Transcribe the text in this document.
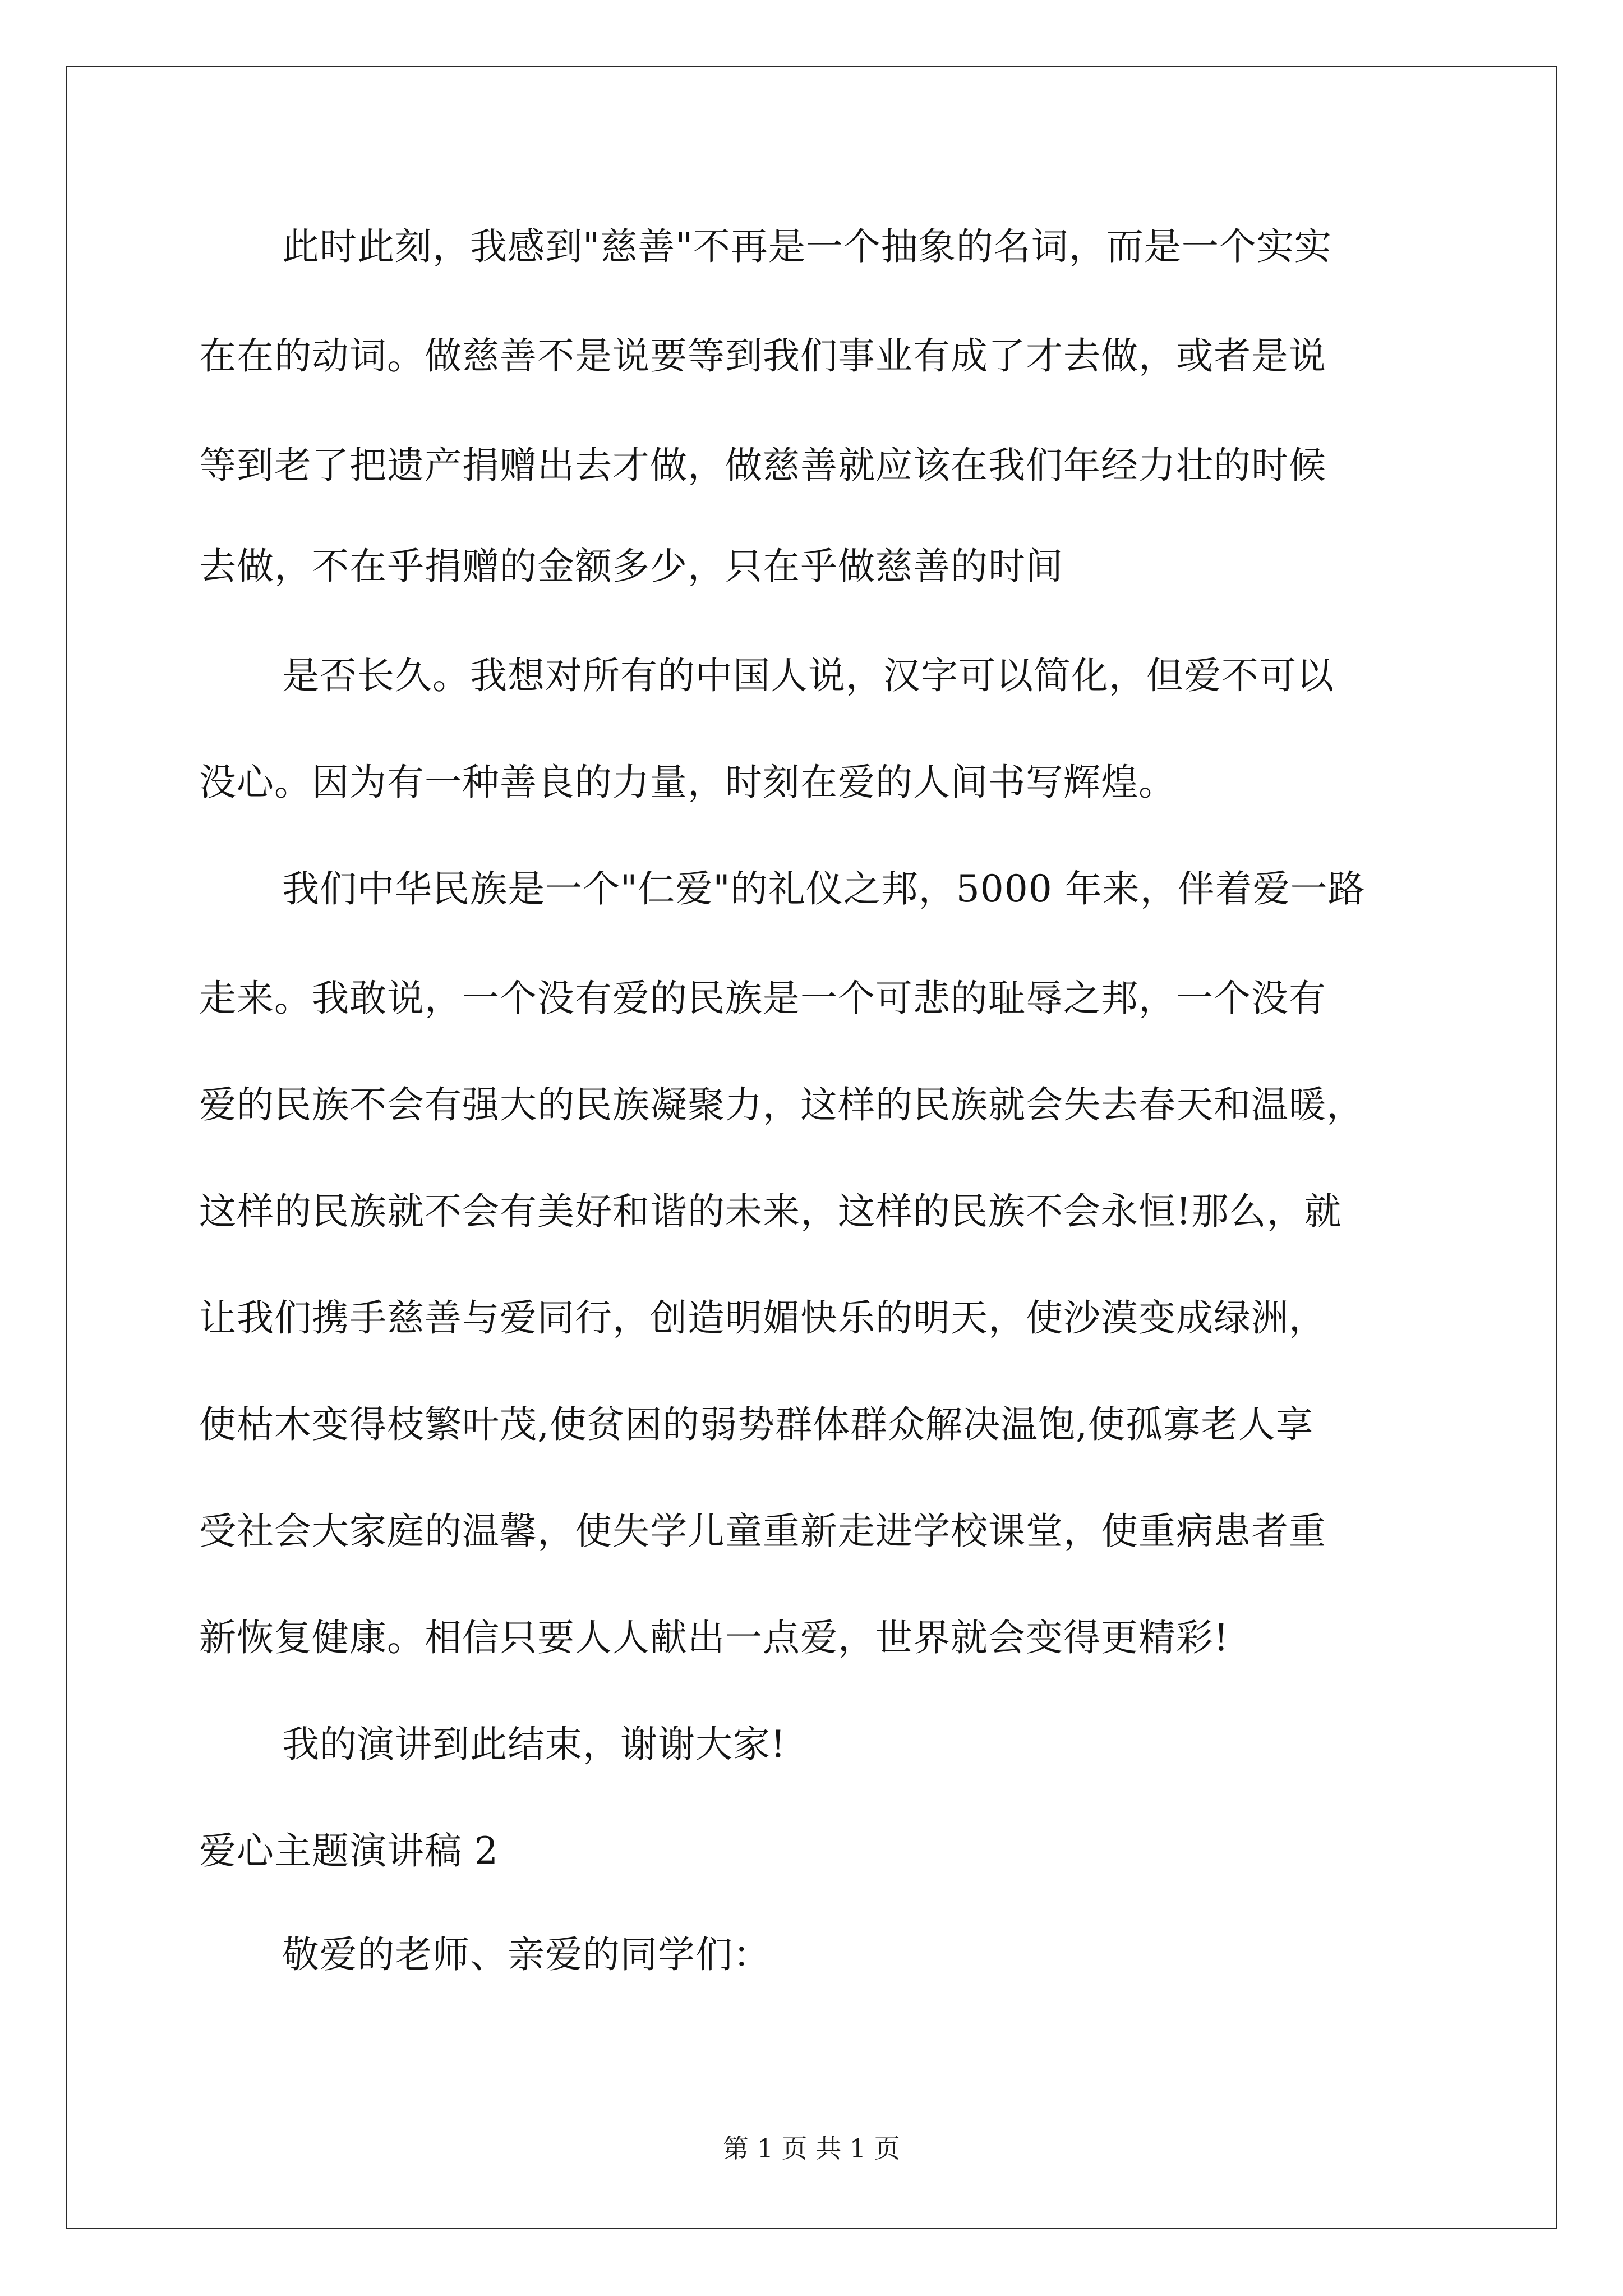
此时此刻，我感到"慈善"不再是一个抽象的名词，而是一个实实
在在的动词。做慈善不是说要等到我们事业有成了才去做，或者是说
等到老了把遗产捐赠出去才做，做慈善就应该在我们年经力壮的时候
去做，不在乎捐赠的金额多少，只在乎做慈善的时间
是否长久。我想对所有的中国人说，汉字可以简化，但爱不可以
没心。因为有一种善良的力量，时刻在爱的人间书写辉煌。
我们中华民族是一个"仁爱"的礼仪之邦，5000 年来，伴着爱一路
走来。我敢说，一个没有爱的民族是一个可悲的耻辱之邦，一个没有
爱的民族不会有强大的民族凝聚力，这样的民族就会失去春天和温暖，
这样的民族就不会有美好和谐的未来，这样的民族不会永恒!那么，就
让我们携手慈善与爱同行，创造明媚快乐的明天，使沙漠变成绿洲，
使枯木变得枝繁叶茂,使贫困的弱势群体群众解决温饱,使孤寡老人享
受社会大家庭的温馨，使失学儿童重新走进学校课堂，使重病患者重
新恢复健康。相信只要人人献出一点爱，世界就会变得更精彩!
我的演讲到此结束，谢谢大家!
爱心主题演讲稿 2
敬爱的老师、亲爱的同学们：
第 1 页 共 1 页
